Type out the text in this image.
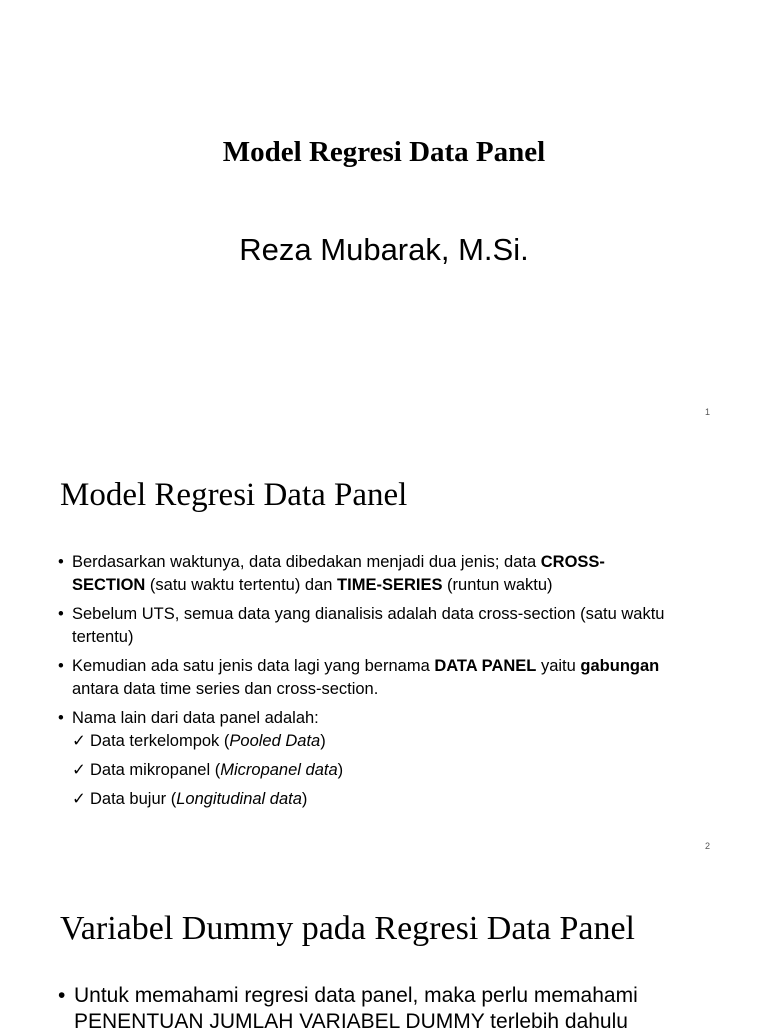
Model Regresi Data Panel
Reza Mubarak, M.Si.
1
Model Regresi Data Panel
• Berdasarkan waktunya, data dibedakan menjadi dua jenis; data CROSS-SECTION (satu waktu tertentu) dan TIME-SERIES (runtun waktu)
• Sebelum UTS, semua data yang dianalisis adalah data cross-section (satu waktu tertentu)
• Kemudian ada satu jenis data lagi yang bernama DATA PANEL yaitu gabungan antara data time series dan cross-section.
• Nama lain dari data panel adalah:
✓ Data terkelompok (Pooled Data)
✓ Data mikropanel (Micropanel data)
✓ Data bujur (Longitudinal data)
2
Variabel Dummy pada Regresi Data Panel
• Untuk memahami regresi data panel, maka perlu memahami PENENTUAN JUMLAH VARIABEL DUMMY terlebih dahulu
